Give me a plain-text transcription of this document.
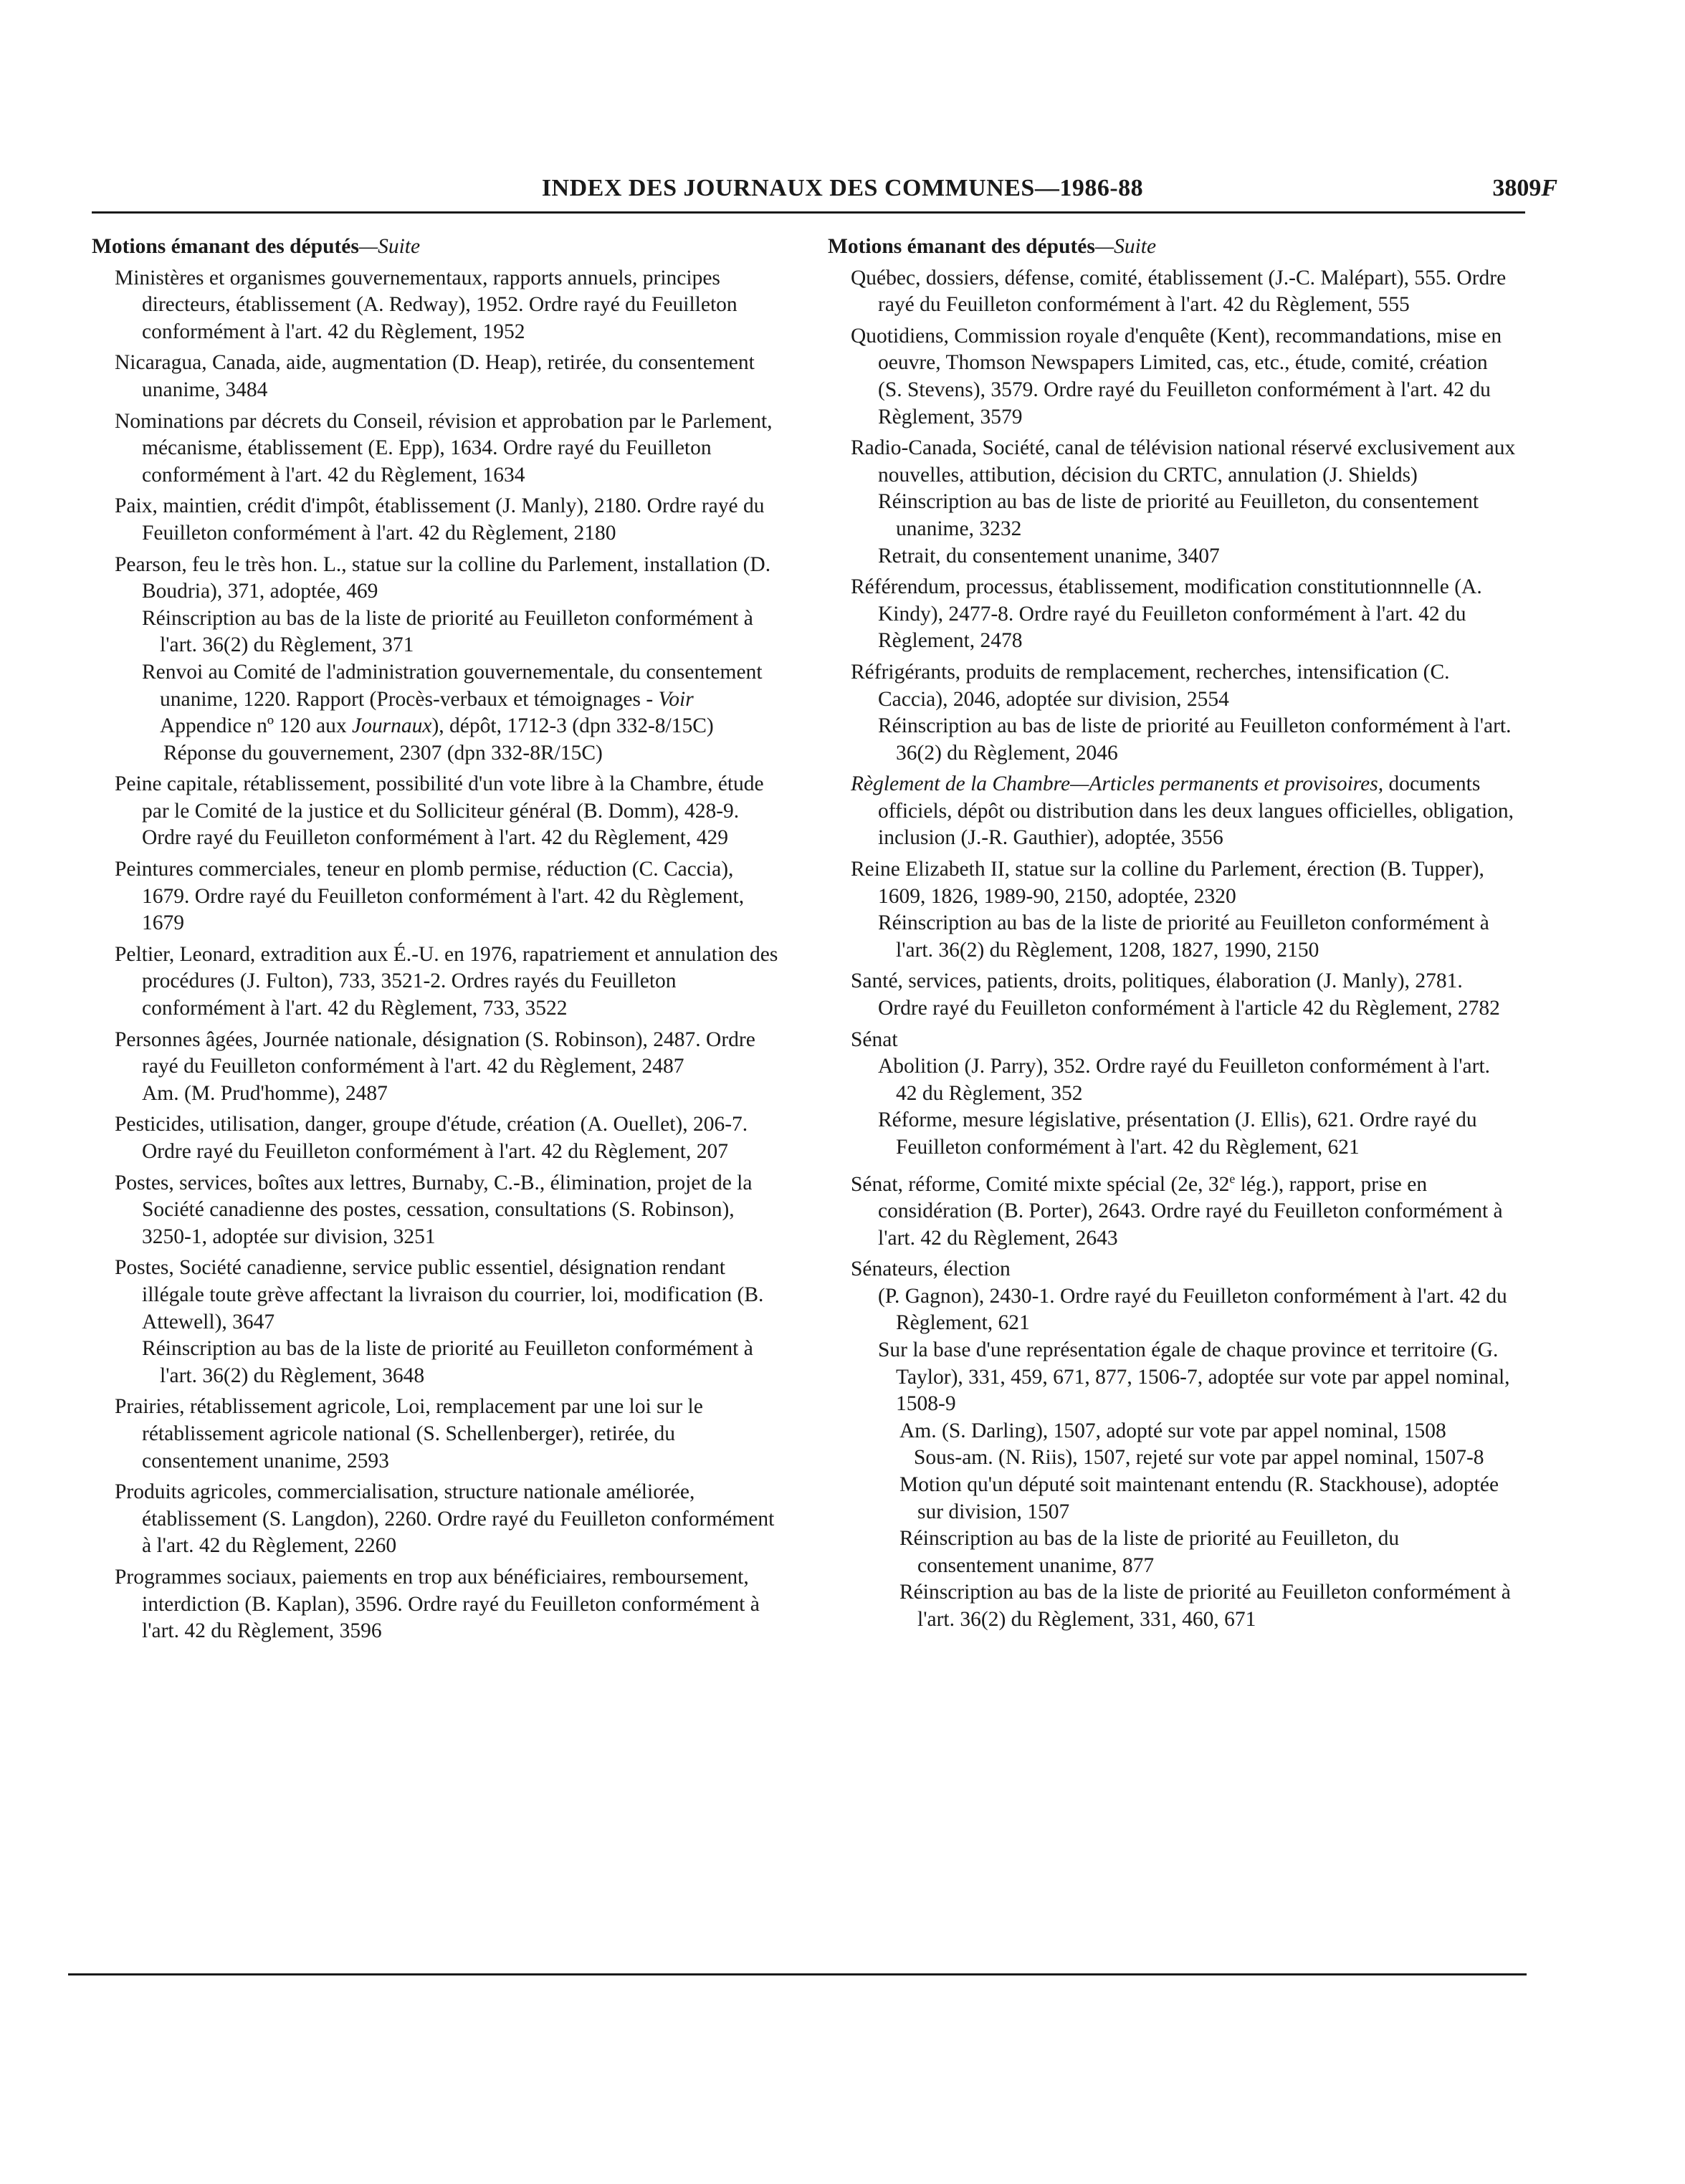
INDEX DES JOURNAUX DES COMMUNES—1986-88	3809F

Motions émanant des députés—Suite

Ministères et organismes gouvernementaux, rapports annuels, principes directeurs, établissement (A. Redway), 1952. Ordre rayé du Feuilleton conformément à l'art. 42 du Règlement, 1952

Nicaragua, Canada, aide, augmentation (D. Heap), retirée, du consentement unanime, 3484

Nominations par décrets du Conseil, révision et approbation par le Parlement, mécanisme, établissement (E. Epp), 1634. Ordre rayé du Feuilleton conformément à l'art. 42 du Règlement, 1634

Paix, maintien, crédit d'impôt, établissement (J. Manly), 2180. Ordre rayé du Feuilleton conformément à l'art. 42 du Règlement, 2180

Pearson, feu le très hon. L., statue sur la colline du Parlement, installation (D. Boudria), 371, adoptée, 469

Réinscription au bas de la liste de priorité au Feuilleton conformément à l'art. 36(2) du Règlement, 371

Renvoi au Comité de l'administration gouvernementale, du consentement unanime, 1220. Rapport (Procès-verbaux et témoignages - Voir Appendice nº 120 aux Journaux), dépôt, 1712-3 (dpn 332-8/15C)

Réponse du gouvernement, 2307 (dpn 332-8R/15C)

Peine capitale, rétablissement, possibilité d'un vote libre à la Chambre, étude par le Comité de la justice et du Solliciteur général (B. Domm), 428-9. Ordre rayé du Feuilleton conformément à l'art. 42 du Règlement, 429

Peintures commerciales, teneur en plomb permise, réduction (C. Caccia), 1679. Ordre rayé du Feuilleton conformément à l'art. 42 du Règlement, 1679

Peltier, Leonard, extradition aux É.-U. en 1976, rapatriement et annulation des procédures (J. Fulton), 733, 3521-2. Ordres rayés du Feuilleton conformément à l'art. 42 du Règlement, 733, 3522

Personnes âgées, Journée nationale, désignation (S. Robinson), 2487. Ordre rayé du Feuilleton conformément à l'art. 42 du Règlement, 2487

Am. (M. Prud'homme), 2487

Pesticides, utilisation, danger, groupe d'étude, création (A. Ouellet), 206-7. Ordre rayé du Feuilleton conformément à l'art. 42 du Règlement, 207

Postes, services, boîtes aux lettres, Burnaby, C.-B., élimination, projet de la Société canadienne des postes, cessation, consultations (S. Robinson), 3250-1, adoptée sur division, 3251

Postes, Société canadienne, service public essentiel, désignation rendant illégale toute grève affectant la livraison du courrier, loi, modification (B. Attewell), 3647

Réinscription au bas de la liste de priorité au Feuilleton conformément à l'art. 36(2) du Règlement, 3648

Prairies, rétablissement agricole, Loi, remplacement par une loi sur le rétablissement agricole national (S. Schellenberger), retirée, du consentement unanime, 2593

Produits agricoles, commercialisation, structure nationale améliorée, établissement (S. Langdon), 2260. Ordre rayé du Feuilleton conformément à l'art. 42 du Règlement, 2260

Programmes sociaux, paiements en trop aux bénéficiaires, remboursement, interdiction (B. Kaplan), 3596. Ordre rayé du Feuilleton conformément à l'art. 42 du Règlement, 3596

Motions émanant des députés—Suite

Québec, dossiers, défense, comité, établissement (J.-C. Malépart), 555. Ordre rayé du Feuilleton conformément à l'art. 42 du Règlement, 555

Quotidiens, Commission royale d'enquête (Kent), recommandations, mise en oeuvre, Thomson Newspapers Limited, cas, etc., étude, comité, création (S. Stevens), 3579. Ordre rayé du Feuilleton conformément à l'art. 42 du Règlement, 3579

Radio-Canada, Société, canal de télévision national réservé exclusivement aux nouvelles, attibution, décision du CRTC, annulation (J. Shields)

Réinscription au bas de liste de priorité au Feuilleton, du consentement unanime, 3232

Retrait, du consentement unanime, 3407

Référendum, processus, établissement, modification constitutionnnelle (A. Kindy), 2477-8. Ordre rayé du Feuilleton conformément à l'art. 42 du Règlement, 2478

Réfrigérants, produits de remplacement, recherches, intensification (C. Caccia), 2046, adoptée sur division, 2554

Réinscription au bas de liste de priorité au Feuilleton conformément à l'art. 36(2) du Règlement, 2046

Règlement de la Chambre—Articles permanents et provisoires, documents officiels, dépôt ou distribution dans les deux langues officielles, obligation, inclusion (J.-R. Gauthier), adoptée, 3556

Reine Elizabeth II, statue sur la colline du Parlement, érection (B. Tupper), 1609, 1826, 1989-90, 2150, adoptée, 2320

Réinscription au bas de la liste de priorité au Feuilleton conformément à l'art. 36(2) du Règlement, 1208, 1827, 1990, 2150

Santé, services, patients, droits, politiques, élaboration (J. Manly), 2781. Ordre rayé du Feuilleton conformément à l'article 42 du Règlement, 2782

Sénat

Abolition (J. Parry), 352. Ordre rayé du Feuilleton conformément à l'art. 42 du Règlement, 352

Réforme, mesure législative, présentation (J. Ellis), 621. Ordre rayé du Feuilleton conformément à l'art. 42 du Règlement, 621

Sénat, réforme, Comité mixte spécial (2e, 32e lég.), rapport, prise en considération (B. Porter), 2643. Ordre rayé du Feuilleton conformément à l'art. 42 du Règlement, 2643

Sénateurs, élection

(P. Gagnon), 2430-1. Ordre rayé du Feuilleton conformément à l'art. 42 du Règlement, 621

Sur la base d'une représentation égale de chaque province et territoire (G. Taylor), 331, 459, 671, 877, 1506-7, adoptée sur vote par appel nominal, 1508-9

Am. (S. Darling), 1507, adopté sur vote par appel nominal, 1508

Sous-am. (N. Riis), 1507, rejeté sur vote par appel nominal, 1507-8

Motion qu'un député soit maintenant entendu (R. Stackhouse), adoptée sur division, 1507

Réinscription au bas de la liste de priorité au Feuilleton, du consentement unanime, 877

Réinscription au bas de la liste de priorité au Feuilleton conformément à l'art. 36(2) du Règlement, 331, 460, 671
